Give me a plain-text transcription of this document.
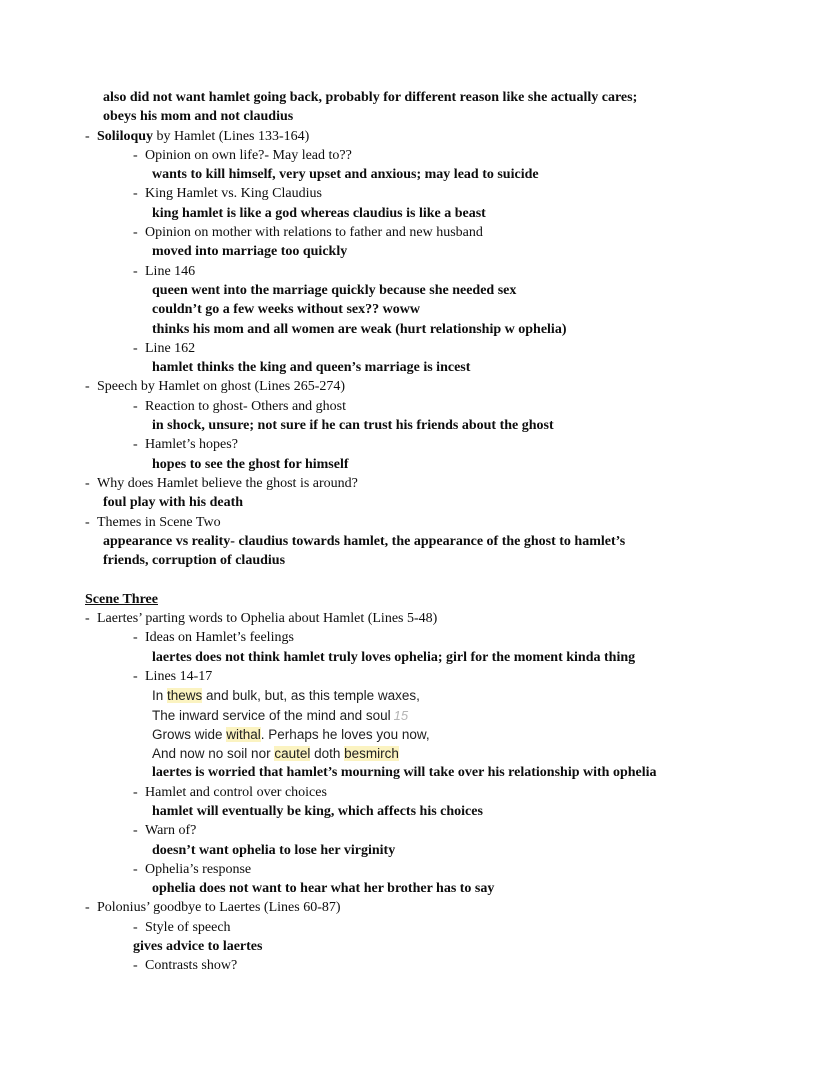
also did not want hamlet going back, probably for different reason like she actually cares;
obeys his mom and not claudius
- Soliloquy by Hamlet (Lines 133-164)
- Opinion on own life?- May lead to??
wants to kill himself, very upset and anxious; may lead to suicide
- King Hamlet vs. King Claudius
king hamlet is like a god whereas claudius is like a beast
- Opinion on mother with relations to father and new husband
moved into marriage too quickly
- Line 146
queen went into the marriage quickly because she needed sex
couldn’t go a few weeks without sex?? woww
thinks his mom and all women are weak (hurt relationship w ophelia)
- Line 162
hamlet thinks the king and queen’s marriage is incest
- Speech by Hamlet on ghost (Lines 265-274)
- Reaction to ghost- Others and ghost
in shock, unsure; not sure if he can trust his friends about the ghost
- Hamlet’s hopes?
hopes to see the ghost for himself
- Why does Hamlet believe the ghost is around?
foul play with his death
- Themes in Scene Two
appearance vs reality- claudius towards hamlet, the appearance of the ghost to hamlet’s
friends, corruption of claudius
Scene Three
- Laertes’ parting words to Ophelia about Hamlet (Lines 5-48)
- Ideas on Hamlet’s feelings
laertes does not think hamlet truly loves ophelia; girl for the moment kinda thing
- Lines 14-17
In thews and bulk, but, as this temple waxes,
The inward service of the mind and soul 15
Grows wide withal. Perhaps he loves you now,
And now no soil nor cautel doth besmirch
laertes is worried that hamlet’s mourning will take over his relationship with ophelia
- Hamlet and control over choices
hamlet will eventually be king, which affects his choices
- Warn of?
doesn’t want ophelia to lose her virginity
- Ophelia’s response
ophelia does not want to hear what her brother has to say
- Polonius’ goodbye to Laertes (Lines 60-87)
- Style of speech
gives advice to laertes
- Contrasts show?
